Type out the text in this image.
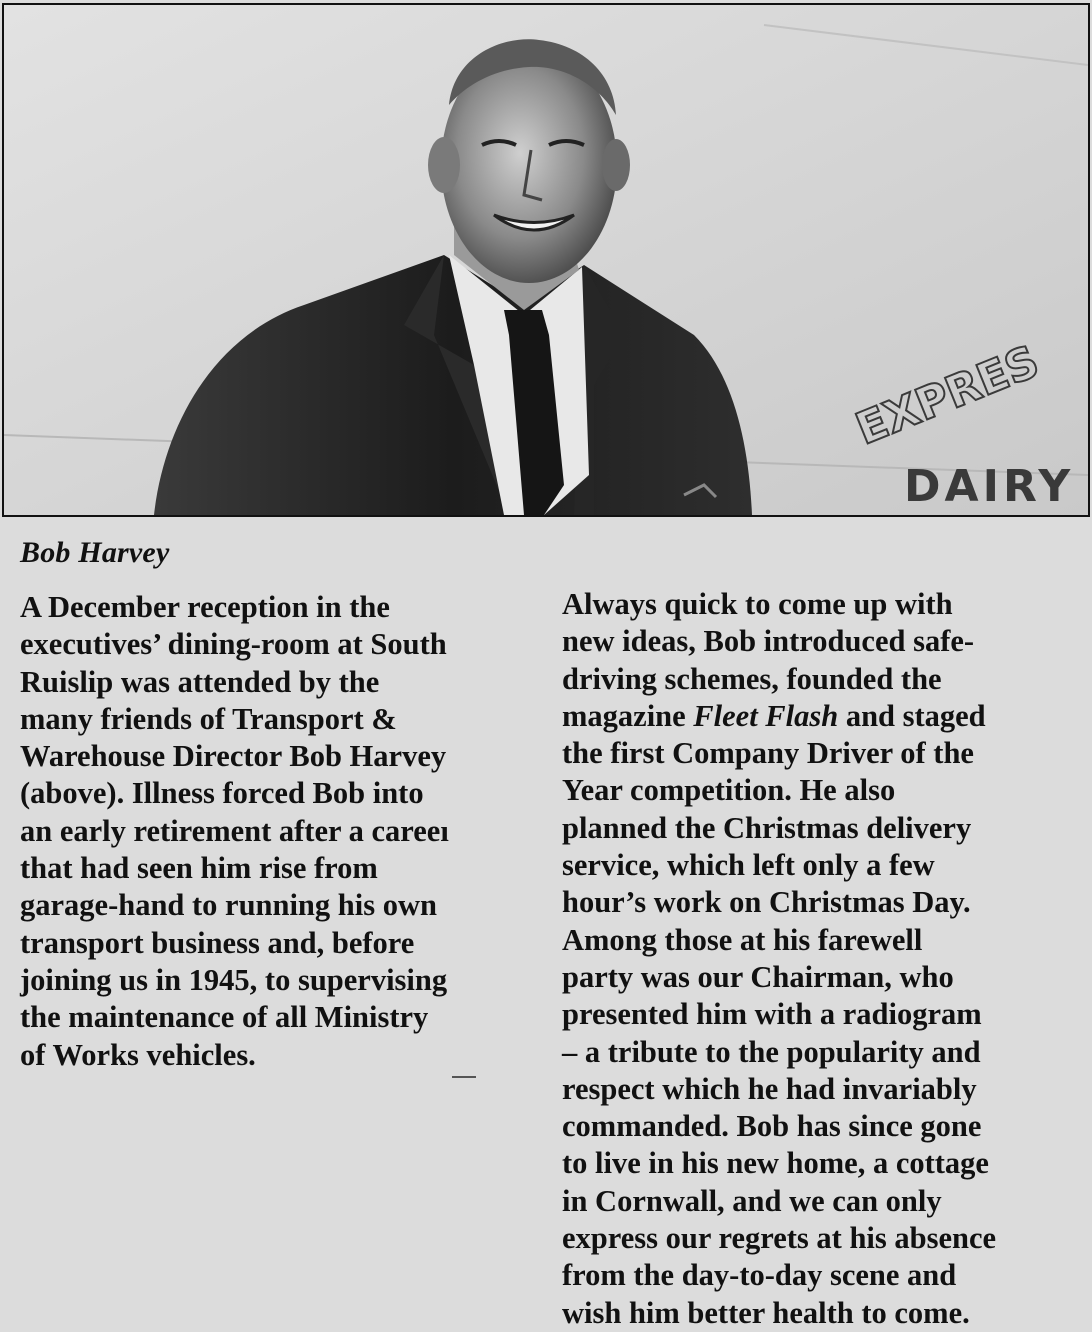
EXPRES
DAIRY
Bob Harvey
A December reception in the
executives’ dining-room at South
Ruislip was attended by the
many friends of Transport &
Warehouse Director Bob Harvey
(above). Illness forced Bob into
an early retirement after a careeı
that had seen him rise from
garage-hand to running his own
transport business and, before
joining us in 1945, to supervising
the maintenance of all Ministry
of Works vehicles.
Always quick to come up with
new ideas, Bob introduced safe-
driving schemes, founded the
magazine Fleet Flash and staged
the first Company Driver of the
Year competition. He also
planned the Christmas delivery
service, which left only a few
hour’s work on Christmas Day.
Among those at his farewell
party was our Chairman, who
presented him with a radiogram
– a tribute to the popularity and
respect which he had invariably
commanded. Bob has since gone
to live in his new home, a cottage
in Cornwall, and we can only
express our regrets at his absence
from the day-to-day scene and
wish him better health to come.
